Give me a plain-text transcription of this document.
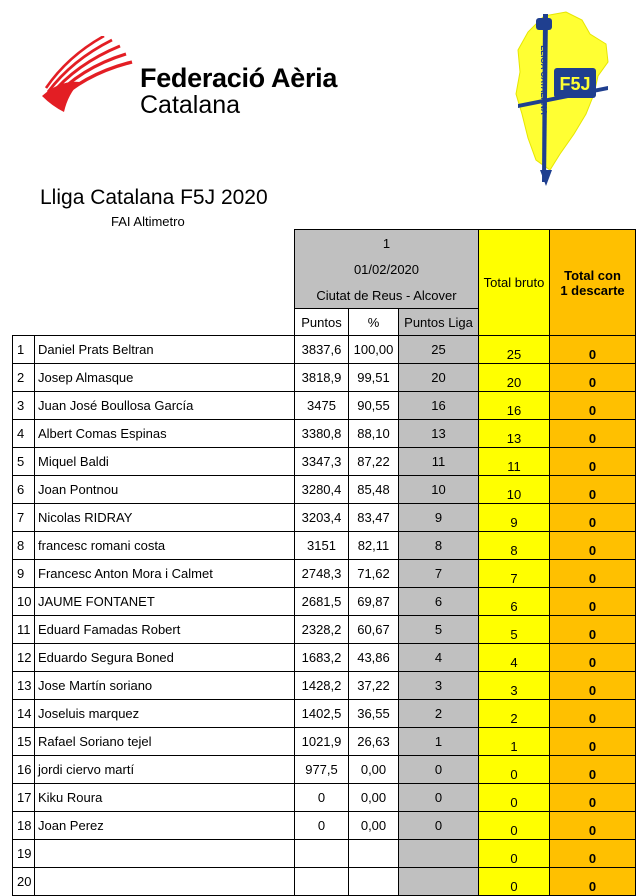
Federació Aèria
Catalana	LLIGA CATALANA F5J
Lliga Catalana F5J 2020
FAI Altimetro
		1			Total bruto	Total con
1 descarte
		01/02/2020				
		Ciutat de Reus - Alcover				
		Puntos	%	Puntos Liga		
1	Daniel Prats Beltran	3837,6	100,00	25	25	0
2	Josep Almasque	3818,9	99,51	20	20	0
3	Juan José Boullosa García	3475	90,55	16	16	0
4	Albert Comas Espinas	3380,8	88,10	13	13	0
5	Miquel Baldi	3347,3	87,22	11	11	0
6	Joan Pontnou	3280,4	85,48	10	10	0
7	Nicolas RIDRAY	3203,4	83,47	9	9	0
8	francesc romani costa	3151	82,11	8	8	0
9	Francesc Anton Mora i Calmet	2748,3	71,62	7	7	0
10	JAUME FONTANET	2681,5	69,87	6	6	0
11	Eduard Famadas Robert	2328,2	60,67	5	5	0
12	Eduardo Segura Boned	1683,2	43,86	4	4	0
13	Jose Martín soriano	1428,2	37,22	3	3	0
14	Joseluis marquez	1402,5	36,55	2	2	0
15	Rafael Soriano tejel	1021,9	26,63	1	1	0
16	jordi ciervo martí	977,5	0,00	0	0	0
17	Kiku Roura	0	0,00	0	0	0
18	Joan Perez	0	0,00	0	0	0
19					0	0
20					0	0
